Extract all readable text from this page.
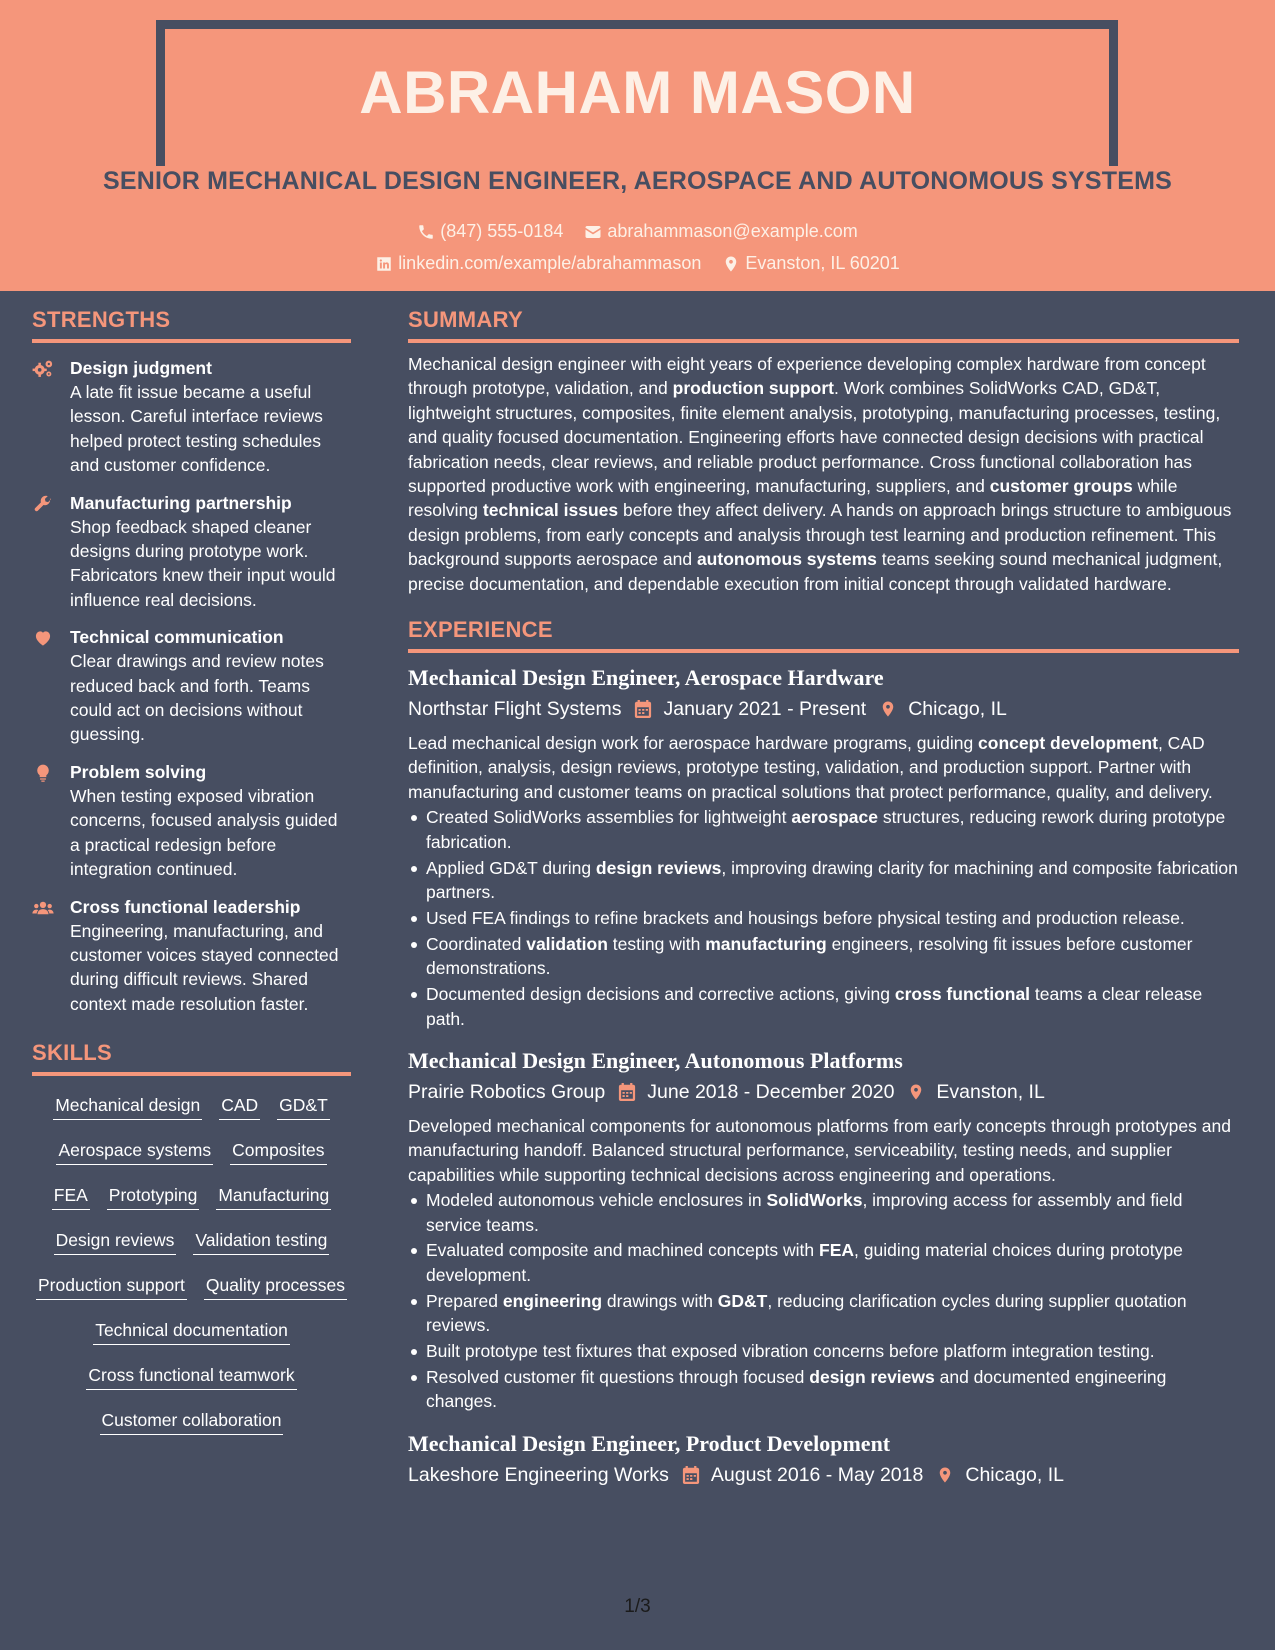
ABRAHAM MASON
SENIOR MECHANICAL DESIGN ENGINEER, AEROSPACE AND AUTONOMOUS SYSTEMS
(847) 555-0184
abrahammason@example.com
linkedin.com/example/abrahammason
Evanston, IL 60201
STRENGTHS
Design judgment
A late fit issue became a useful lesson. Careful interface reviews helped protect testing schedules and customer confidence.
Manufacturing partnership
Shop feedback shaped cleaner designs during prototype work. Fabricators knew their input would influence real decisions.
Technical communication
Clear drawings and review notes reduced back and forth. Teams could act on decisions without guessing.
Problem solving
When testing exposed vibration concerns, focused analysis guided a practical redesign before integration continued.
Cross functional leadership
Engineering, manufacturing, and customer voices stayed connected during difficult reviews. Shared context made resolution faster.
SKILLS
Mechanical design CAD GD&T
Aerospace systems Composites
FEA Prototyping Manufacturing
Design reviews Validation testing
Production support Quality processes
Technical documentation
Cross functional teamwork
Customer collaboration
SUMMARY
Mechanical design engineer with eight years of experience developing complex hardware from concept through prototype, validation, and production support. Work combines SolidWorks CAD, GD&T, lightweight structures, composites, finite element analysis, prototyping, manufacturing processes, testing, and quality focused documentation. Engineering efforts have connected design decisions with practical fabrication needs, clear reviews, and reliable product performance. Cross functional collaboration has supported productive work with engineering, manufacturing, suppliers, and customer groups while resolving technical issues before they affect delivery. A hands on approach brings structure to ambiguous design problems, from early concepts and analysis through test learning and production refinement. This background supports aerospace and autonomous systems teams seeking sound mechanical judgment, precise documentation, and dependable execution from initial concept through validated hardware.
EXPERIENCE
Mechanical Design Engineer, Aerospace Hardware
Northstar Flight Systems January 2021 - Present Chicago, IL
Lead mechanical design work for aerospace hardware programs, guiding concept development, CAD definition, analysis, design reviews, prototype testing, validation, and production support. Partner with manufacturing and customer teams on practical solutions that protect performance, quality, and delivery.
Created SolidWorks assemblies for lightweight aerospace structures, reducing rework during prototype fabrication.
Applied GD&T during design reviews, improving drawing clarity for machining and composite fabrication partners.
Used FEA findings to refine brackets and housings before physical testing and production release.
Coordinated validation testing with manufacturing engineers, resolving fit issues before customer demonstrations.
Documented design decisions and corrective actions, giving cross functional teams a clear release path.
Mechanical Design Engineer, Autonomous Platforms
Prairie Robotics Group June 2018 - December 2020 Evanston, IL
Developed mechanical components for autonomous platforms from early concepts through prototypes and manufacturing handoff. Balanced structural performance, serviceability, testing needs, and supplier capabilities while supporting technical decisions across engineering and operations.
Modeled autonomous vehicle enclosures in SolidWorks, improving access for assembly and field service teams.
Evaluated composite and machined concepts with FEA, guiding material choices during prototype development.
Prepared engineering drawings with GD&T, reducing clarification cycles during supplier quotation reviews.
Built prototype test fixtures that exposed vibration concerns before platform integration testing.
Resolved customer fit questions through focused design reviews and documented engineering changes.
Mechanical Design Engineer, Product Development
Lakeshore Engineering Works August 2016 - May 2018 Chicago, IL
1/3
